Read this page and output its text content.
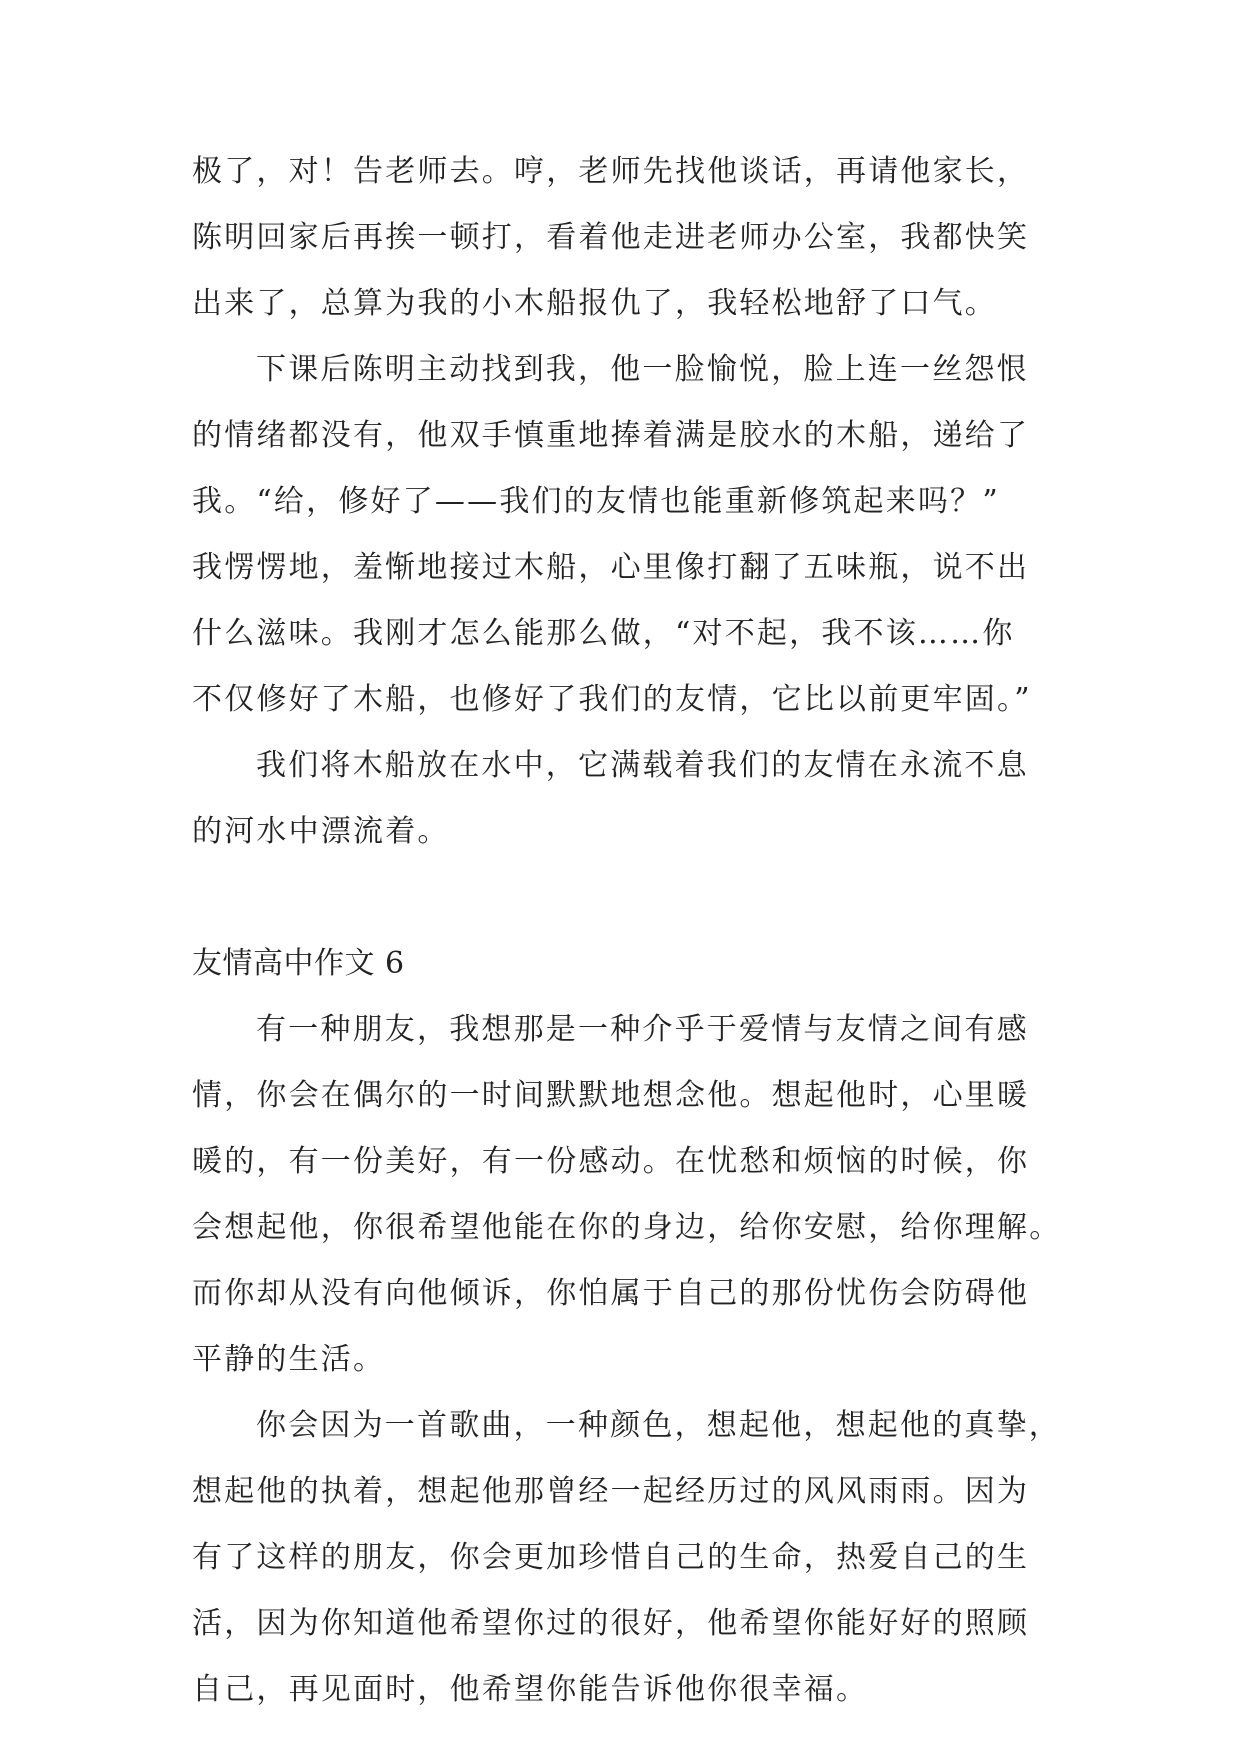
极了，对！告老师去。哼，老师先找他谈话，再请他家长，

陈明回家后再挨一顿打，看着他走进老师办公室，我都快笑

出来了，总算为我的小木船报仇了，我轻松地舒了口气。

下课后陈明主动找到我，他一脸愉悦，脸上连一丝怨恨

的情绪都没有，他双手慎重地捧着满是胶水的木船，递给了

我。“给，修好了——我们的友情也能重新修筑起来吗？”

我愣愣地，羞惭地接过木船，心里像打翻了五味瓶，说不出

什么滋味。我刚才怎么能那么做，“对不起，我不该……你

不仅修好了木船，也修好了我们的友情，它比以前更牢固。”

我们将木船放在水中，它满载着我们的友情在永流不息

的河水中漂流着。

友情高中作文 6

有一种朋友，我想那是一种介乎于爱情与友情之间有感

情，你会在偶尔的一时间默默地想念他。想起他时，心里暖

暖的，有一份美好，有一份感动。在忧愁和烦恼的时候，你

会想起他，你很希望他能在你的身边，给你安慰，给你理解。

而你却从没有向他倾诉，你怕属于自己的那份忧伤会防碍他

平静的生活。

你会因为一首歌曲，一种颜色，想起他，想起他的真挚，

想起他的执着，想起他那曾经一起经历过的风风雨雨。因为

有了这样的朋友，你会更加珍惜自己的生命，热爱自己的生

活，因为你知道他希望你过的很好，他希望你能好好的照顾

自己，再见面时，他希望你能告诉他你很幸福。
